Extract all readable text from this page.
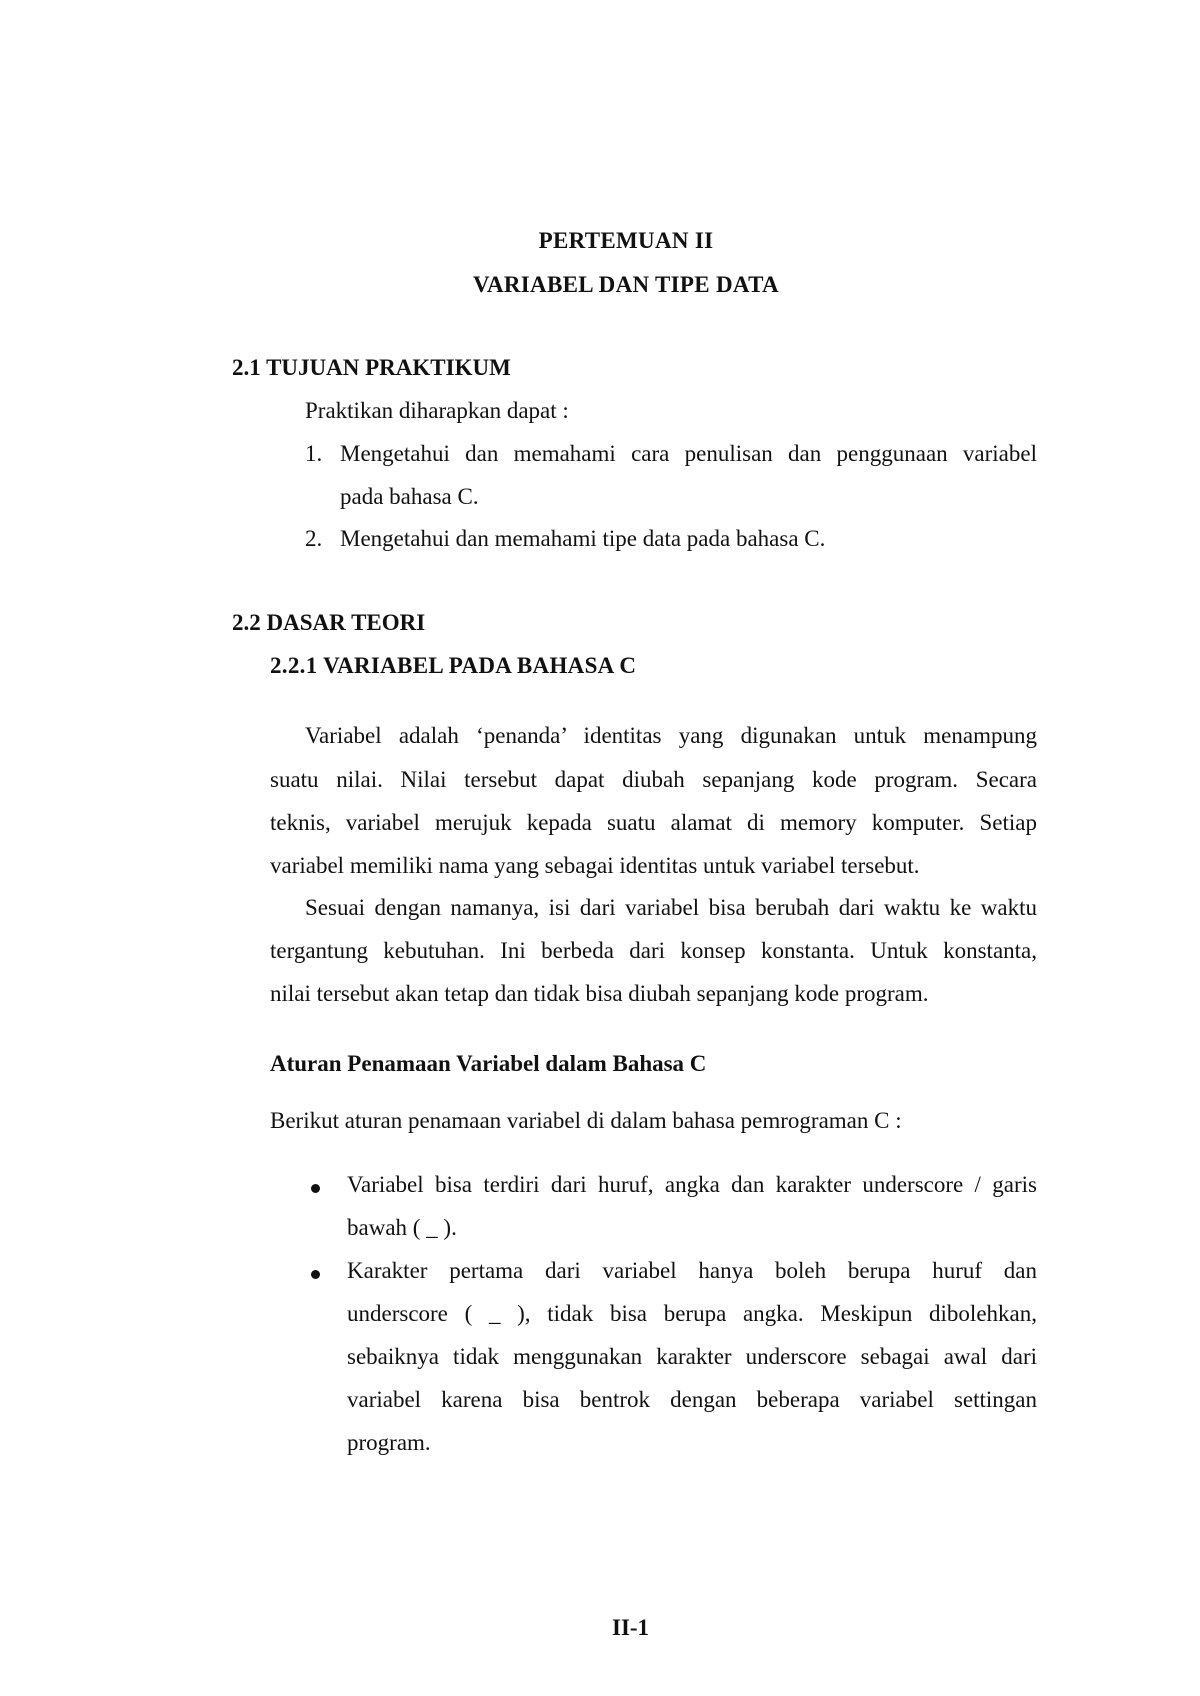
PERTEMUAN II
VARIABEL DAN TIPE DATA
2.1 TUJUAN PRAKTIKUM
Praktikan diharapkan dapat :
1. Mengetahui dan memahami cara penulisan dan penggunaan variabel
pada bahasa C.
2. Mengetahui dan memahami tipe data pada bahasa C.
2.2 DASAR TEORI
2.2.1 VARIABEL PADA BAHASA C
Variabel adalah ‘penanda’ identitas yang digunakan untuk menampung
suatu nilai. Nilai tersebut dapat diubah sepanjang kode program. Secara
teknis, variabel merujuk kepada suatu alamat di memory komputer. Setiap
variabel memiliki nama yang sebagai identitas untuk variabel tersebut.
Sesuai dengan namanya, isi dari variabel bisa berubah dari waktu ke waktu
tergantung kebutuhan. Ini berbeda dari konsep konstanta. Untuk konstanta,
nilai tersebut akan tetap dan tidak bisa diubah sepanjang kode program.
Aturan Penamaan Variabel dalam Bahasa C
Berikut aturan penamaan variabel di dalam bahasa pemrograman C :
Variabel bisa terdiri dari huruf, angka dan karakter underscore / garis
bawah ( _ ).
Karakter pertama dari variabel hanya boleh berupa huruf dan
underscore ( _ ), tidak bisa berupa angka. Meskipun dibolehkan,
sebaiknya tidak menggunakan karakter underscore sebagai awal dari
variabel karena bisa bentrok dengan beberapa variabel settingan
program.
II-1
